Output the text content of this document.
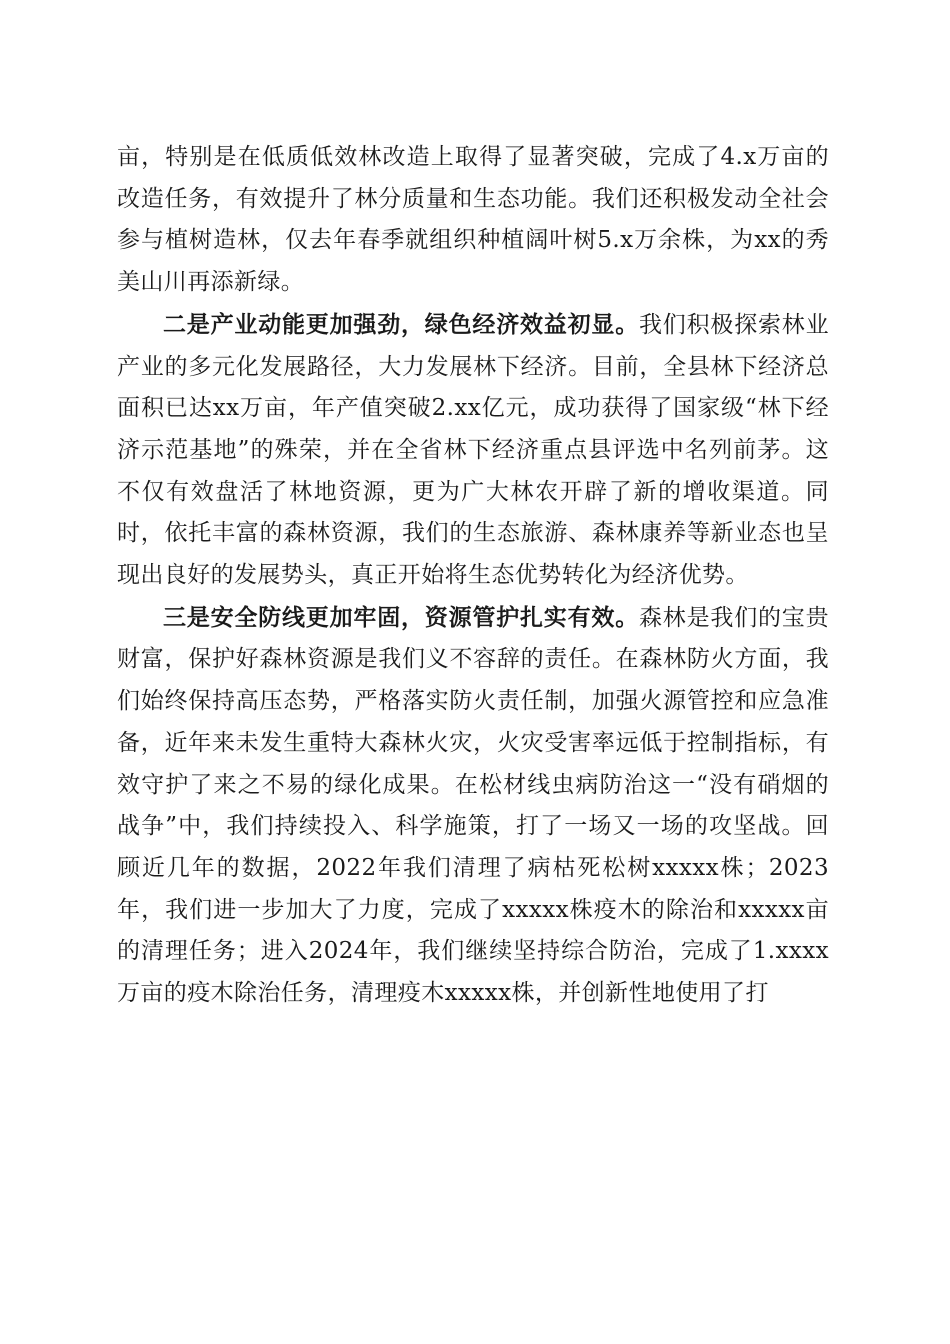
亩，特别是在低质低效林改造上取得了显著突破，完成了4.x万亩的改造任务，有效提升了林分质量和生态功能。我们还积极发动全社会参与植树造林，仅去年春季就组织种植阔叶树5.x万余株，为xx的秀美山川再添新绿。

二是产业动能更加强劲，绿色经济效益初显。我们积极探索林业产业的多元化发展路径，大力发展林下经济。目前，全县林下经济总面积已达xx万亩，年产值突破2.xx亿元，成功获得了国家级“林下经济示范基地”的殊荣，并在全省林下经济重点县评选中名列前茅。这不仅有效盘活了林地资源，更为广大林农开辟了新的增收渠道。同时，依托丰富的森林资源，我们的生态旅游、森林康养等新业态也呈现出良好的发展势头，真正开始将生态优势转化为经济优势。

三是安全防线更加牢固，资源管护扎实有效。森林是我们的宝贵财富，保护好森林资源是我们义不容辞的责任。在森林防火方面，我们始终保持高压态势，严格落实防火责任制，加强火源管控和应急准备，近年来未发生重特大森林火灾，火灾受害率远低于控制指标，有效守护了来之不易的绿化成果。在松材线虫病防治这一“没有硝烟的战争”中，我们持续投入、科学施策，打了一场又一场的攻坚战。回顾近几年的数据，2022年我们清理了病枯死松树xxxxx株；2023年，我们进一步加大了力度，完成了xxxxx株疫木的除治和xxxxx亩的清理任务；进入2024年，我们继续坚持综合防治，完成了1.xxxx万亩的疫木除治任务，清理疫木xxxxx株，并创新性地使用了打
